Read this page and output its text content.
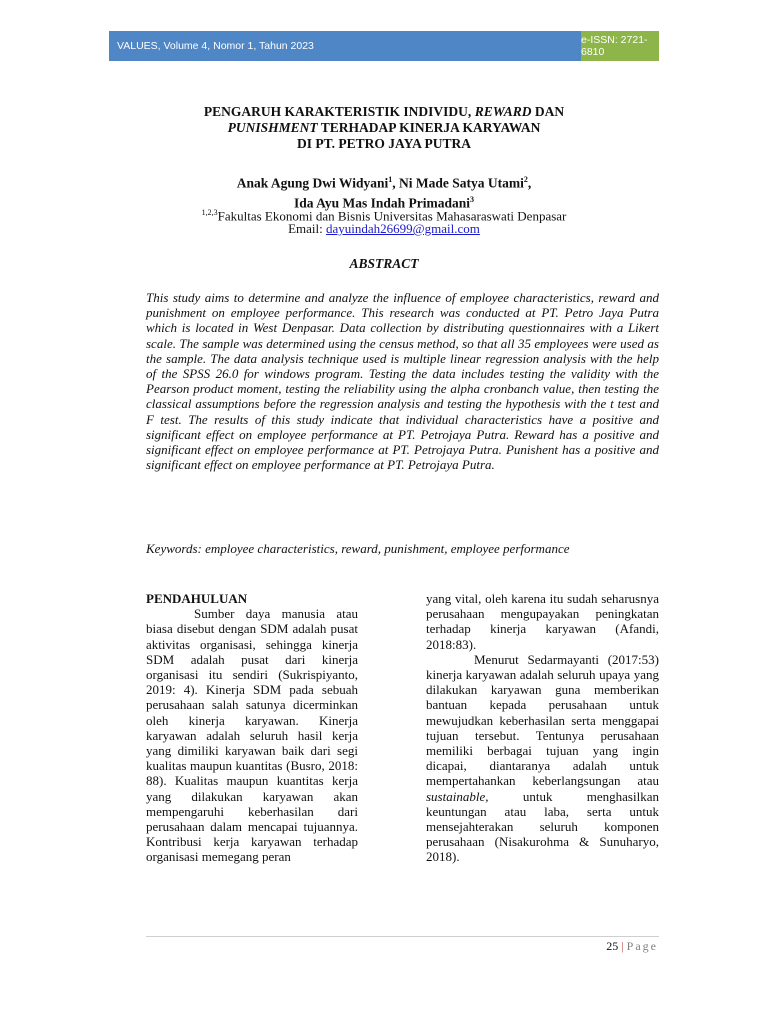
VALUES, Volume 4, Nomor 1, Tahun 2023	e-ISSN: 2721-6810
PENGARUH KARAKTERISTIK INDIVIDU, REWARD DAN
PUNISHMENT TERHADAP KINERJA KARYAWAN
DI PT. PETRO JAYA PUTRA
Anak Agung Dwi Widyani$^1$, Ni Made Satya Utami$^2$,
Ida Ayu Mas Indah Primadani$^3$
$^{1,2,3}$Fakultas Ekonomi dan Bisnis Universitas Mahasaraswati Denpasar
Email: dayuindah26699@gmail.com
ABSTRACT

This study aims to determine and analyze the influence of employee characteristics, reward and punishment on employee performance. This research was conducted at PT. Petro Jaya Putra which is located in West Denpasar. Data collection by distributing questionnaires with a Likert scale. The sample was determined using the census method, so that all 35 employees were used as the sample. The data analysis technique used is multiple linear regression analysis with the help of the SPSS 26.0 for windows program. Testing the data includes testing the validity with the Pearson product moment, testing the reliability using the alpha cronbanch value, then testing the classical assumptions before the regression analysis and testing the hypothesis with the t test and F test. The results of this study indicate that individual characteristics have a positive and significant effect on employee performance at PT. Petrojaya Putra. Reward has a positive and significant effect on employee performance at PT. Petrojaya Putra. Punishent has a positive and significant effect on employee performance at PT. Petrojaya Putra.

Keywords: employee characteristics, reward, punishment, employee performance

PENDAHULUAN

Sumber daya manusia atau biasa disebut dengan SDM adalah pusat aktivitas organisasi, sehingga kinerja SDM adalah pusat dari kinerja organisasi itu sendiri (Sukrispiyanto, 2019: 4). Kinerja SDM pada sebuah perusahaan salah satunya dicerminkan oleh kinerja karyawan. Kinerja karyawan adalah seluruh hasil kerja yang dimiliki karyawan baik dari segi kualitas maupun kuantitas (Busro, 2018: 88). Kualitas maupun kuantitas kerja yang dilakukan karyawan akan mempengaruhi keberhasilan dari perusahaan dalam mencapai tujuannya. Kontribusi kerja karyawan terhadap organisasi memegang peran

yang vital, oleh karena itu sudah seharusnya perusahaan mengupayakan peningkatan terhadap kinerja karyawan (Afandi, 2018:83).

Menurut Sedarmayanti (2017:53) kinerja karyawan adalah seluruh upaya yang dilakukan karyawan guna memberikan bantuan kepada perusahaan untuk mewujudkan keberhasilan serta menggapai tujuan tersebut. Tentunya perusahaan memiliki berbagai tujuan yang ingin dicapai, diantaranya adalah untuk mempertahankan keberlangsungan atau sustainable, untuk menghasilkan keuntungan atau laba, serta untuk mensejahterakan seluruh komponen perusahaan (Nisakurohma & Sunuharyo, 2018).

25 | Page
